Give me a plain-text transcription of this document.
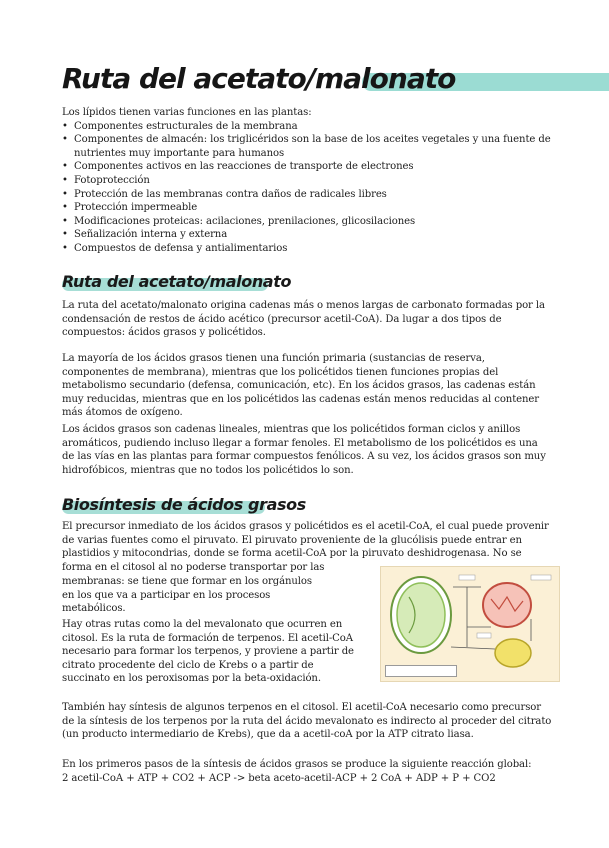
Ruta del acetato/malonato

Los lípidos tienen varias funciones en las plantas:

• Componentes estructurales de la membrana
• Componentes de almacén: los triglicéridos son la base de los aceites vegetales y una fuente de nutrientes muy importante para humanos
• Componentes activos en las reacciones de transporte de electrones
• Fotoprotección
• Protección de las membranas contra daños de radicales libres
• Protección impermeable
• Modificaciones proteicas: acilaciones, prenilaciones, glicosilaciones
• Señalización interna y externa
• Compuestos de defensa y antialimentarios
Ruta del acetato/malonato
La ruta del acetato/malonato origina cadenas más o menos largas de carbonato formadas por la condensación de restos de ácido acético (precursor acetil-CoA). Da lugar a dos tipos de compuestos: ácidos grasos y policétidos.
La mayoría de los ácidos grasos tienen una función primaria (sustancias de reserva, componentes de membrana), mientras que los policétidos tienen funciones propias del metabolismo secundario (defensa, comunicación, etc). En los ácidos grasos, las cadenas están muy reducidas, mientras que en los policétidos las cadenas están menos reducidas al contener más átomos de oxígeno.
Los ácidos grasos son cadenas lineales, mientras que los policétidos forman ciclos y anillos aromáticos, pudiendo incluso llegar a formar fenoles. El metabolismo de los policétidos es una de las vías en las plantas para formar compuestos fenólicos. A su vez, los ácidos grasos son muy hidrofóbicos, mientras que no todos los policétidos lo son.
Biosíntesis de ácidos grasos
El precursor inmediato de los ácidos grasos y policétidos es el acetil-CoA, el cual puede provenir de varias fuentes como el piruvato. El piruvato proveniente de la glucólisis puede entrar en plastidios y mitocondrias, donde se forma acetil-CoA por la piruvato deshidrogenasa. No se forma en el citosol al no poderse transportar por las
membranas: se tiene que formar en los orgánulos en los que va a participar en los procesos metabólicos.
Hay otras rutas como la del mevalonato que ocurren en citosol. Es la ruta de formación de terpenos. El acetil-CoA necesario para formar los terpenos, y proviene a partir de citrato procedente del ciclo de Krebs o a partir de succinato en los peroxisomas por la beta-oxidación.
También hay síntesis de algunos terpenos en el citosol. El acetil-CoA necesario como precursor de la síntesis de los terpenos por la ruta del ácido mevalonato es indirecto al proceder del citrato (un producto intermediario de Krebs), que da a acetil-coA por la ATP citrato liasa.
En los primeros pasos de la síntesis de ácidos grasos se produce la siguiente reacción global:
2 acetil-CoA + ATP + CO2 + ACP -> beta aceto-acetil-ACP + 2 CoA + ADP + P + CO2
